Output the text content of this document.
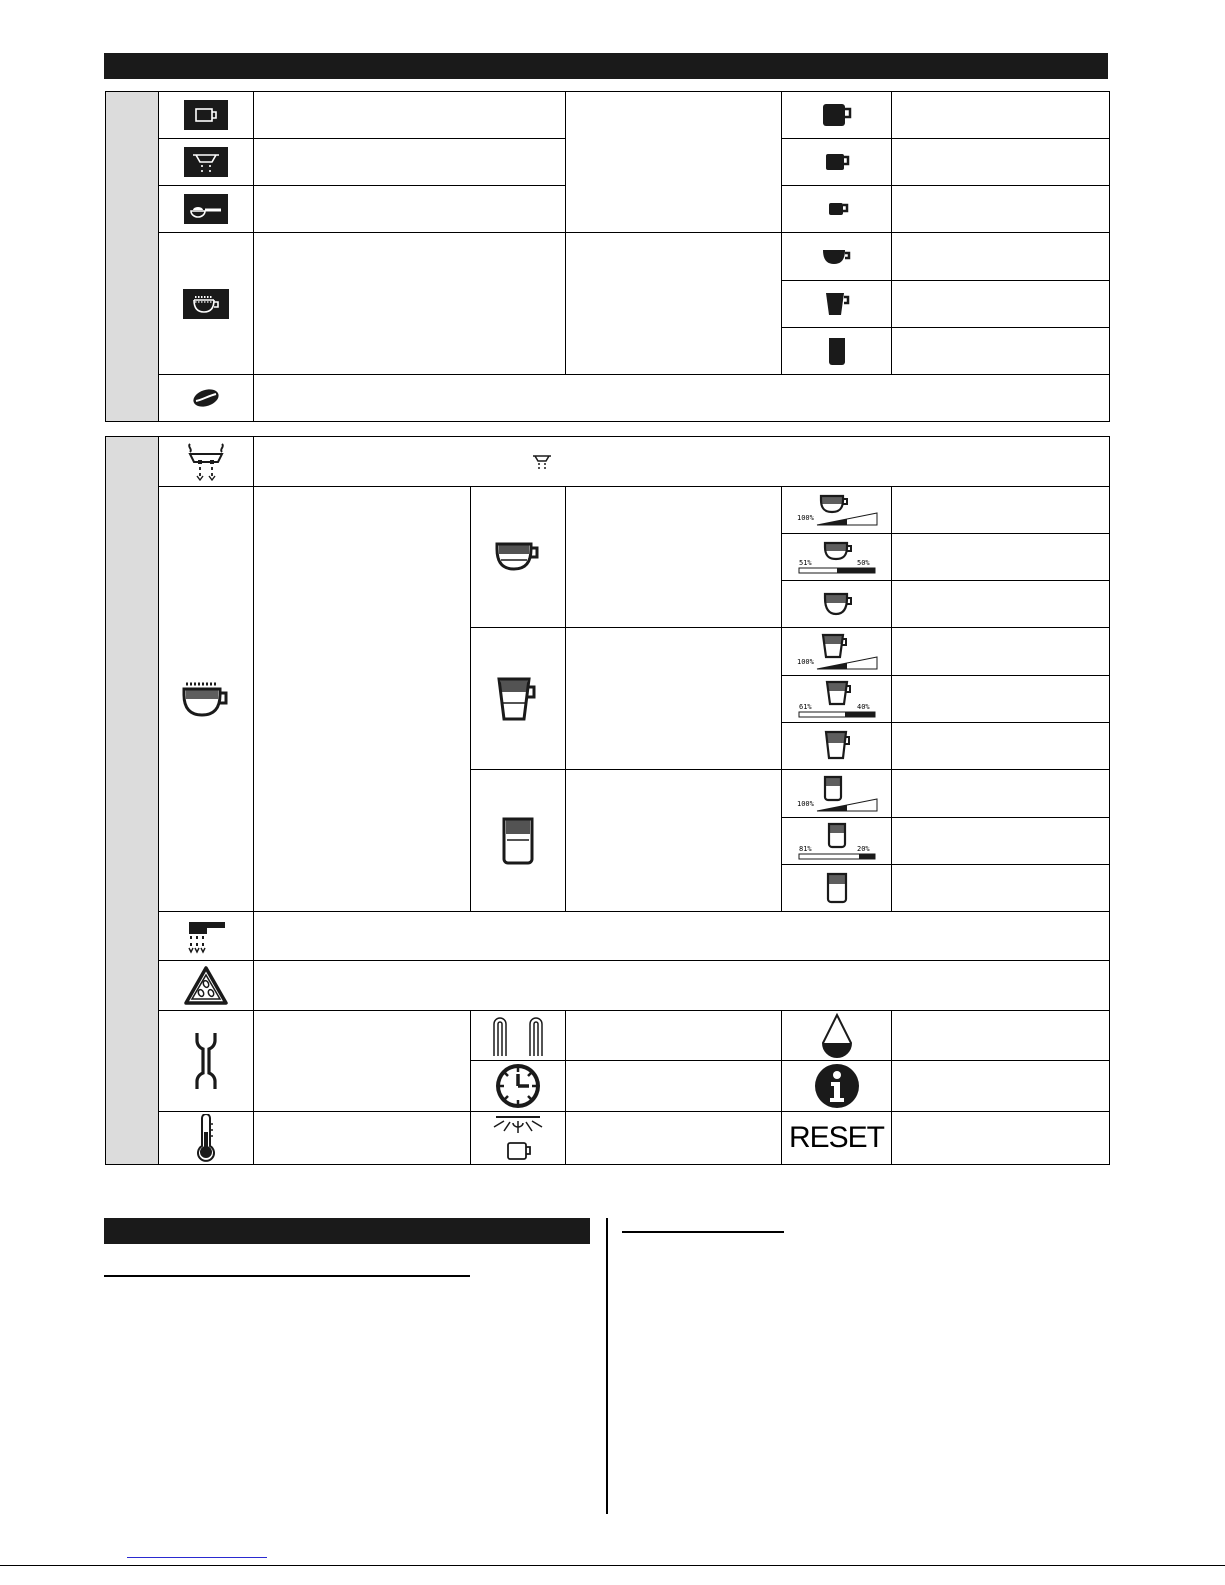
100%	

51% 50%	

100%	

61% 40%	

100%	

81% 20%	

		RESET	
